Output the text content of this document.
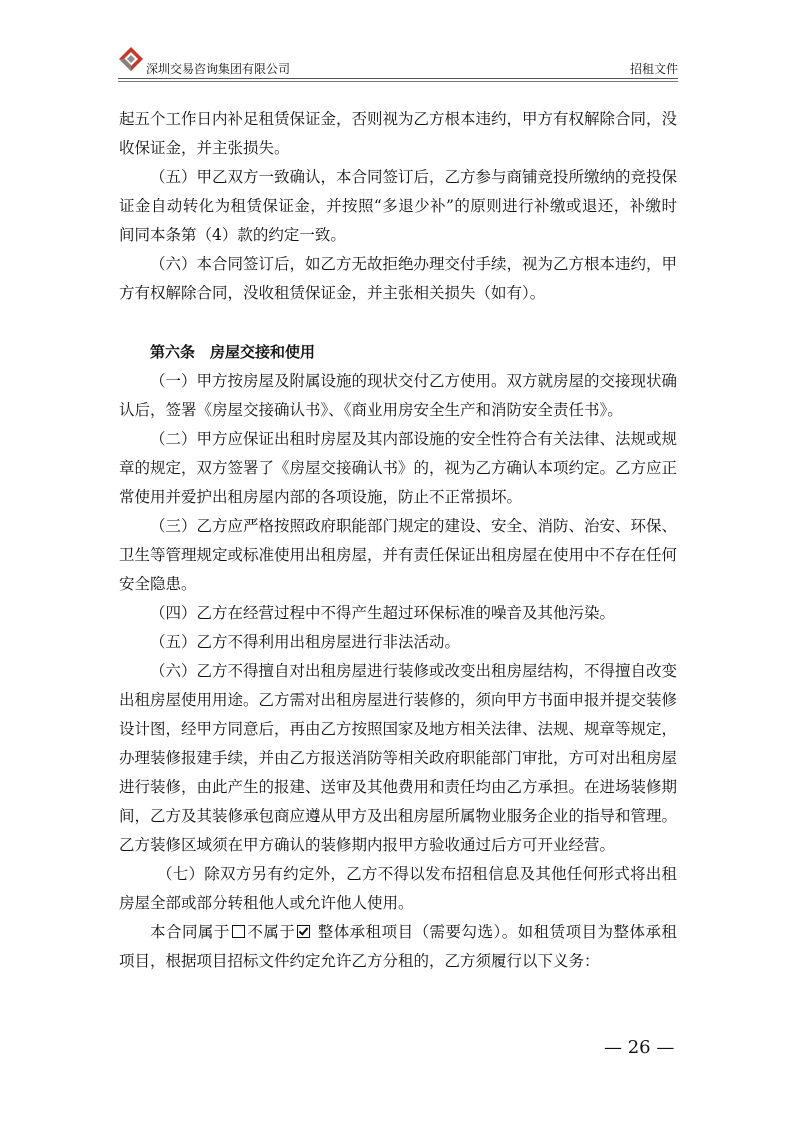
深圳交易咨询集团有限公司	招租文件

起五个工作日内补足租赁保证金，否则视为乙方根本违约，甲方有权解除合同，没收保证金，并主张损失。

（五）甲乙双方一致确认，本合同签订后，乙方参与商铺竞投所缴纳的竞投保证金自动转化为租赁保证金，并按照“多退少补”的原则进行补缴或退还，补缴时间同本条第（4）款的约定一致。

（六）本合同签订后，如乙方无故拒绝办理交付手续，视为乙方根本违约，甲方有权解除合同，没收租赁保证金，并主张相关损失（如有）。

第六条　房屋交接和使用

（一）甲方按房屋及附属设施的现状交付乙方使用。双方就房屋的交接现状确认后，签署《房屋交接确认书》、《商业用房安全生产和消防安全责任书》。

（二）甲方应保证出租时房屋及其内部设施的安全性符合有关法律、法规或规章的规定，双方签署了《房屋交接确认书》的，视为乙方确认本项约定。乙方应正常使用并爱护出租房屋内部的各项设施，防止不正常损坏。

（三）乙方应严格按照政府职能部门规定的建设、安全、消防、治安、环保、卫生等管理规定或标准使用出租房屋，并有责任保证出租房屋在使用中不存在任何安全隐患。

（四）乙方在经营过程中不得产生超过环保标准的噪音及其他污染。

（五）乙方不得利用出租房屋进行非法活动。

（六）乙方不得擅自对出租房屋进行装修或改变出租房屋结构，不得擅自改变出租房屋使用用途。乙方需对出租房屋进行装修的，须向甲方书面申报并提交装修设计图，经甲方同意后，再由乙方按照国家及地方相关法律、法规、规章等规定，办理装修报建手续，并由乙方报送消防等相关政府职能部门审批，方可对出租房屋进行装修，由此产生的报建、送审及其他费用和责任均由乙方承担。在进场装修期间，乙方及其装修承包商应遵从甲方及出租房屋所属物业服务企业的指导和管理。乙方装修区域须在甲方确认的装修期内报甲方验收通过后方可开业经营。

（七）除双方另有约定外，乙方不得以发布招租信息及其他任何形式将出租房屋全部或部分转租他人或允许他人使用。

本合同属于 不属于 整体承租项目（需要勾选）。如租赁项目为整体承租项目，根据项目招标文件约定允许乙方分租的，乙方须履行以下义务：

— 26 —
